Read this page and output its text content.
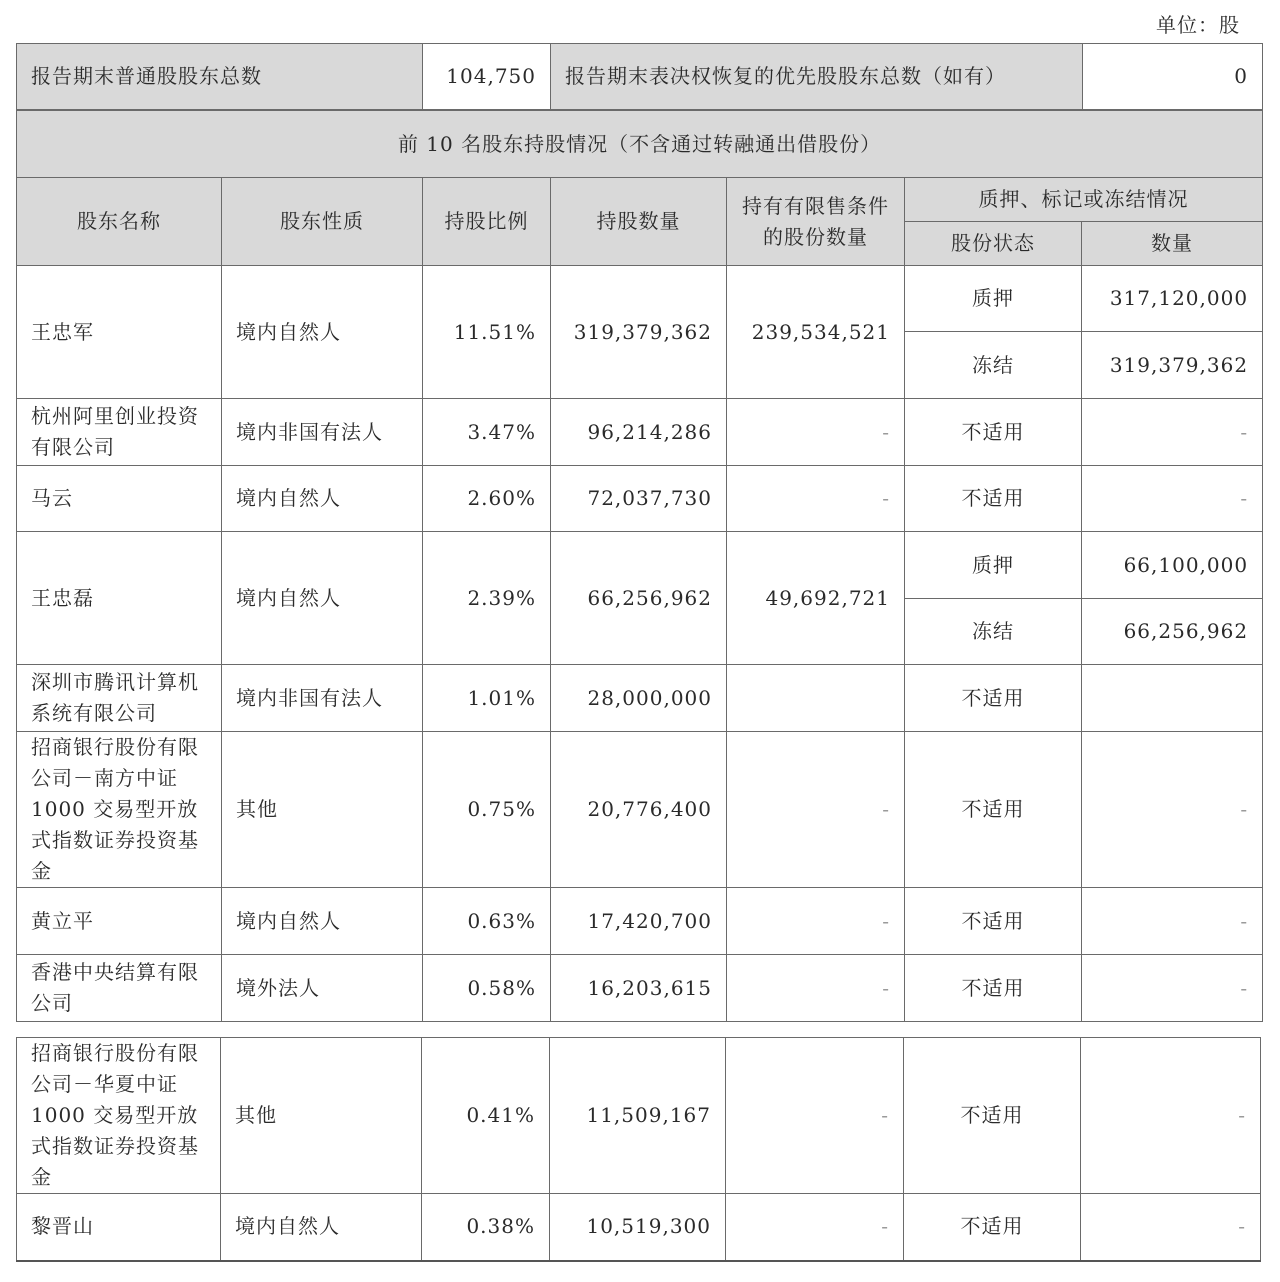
单位：股
报告期末普通股股东总数	104,750	报告期末表决权恢复的优先股股东总数（如有）	0
前 10 名股东持股情况（不含通过转融通出借股份）						
股东名称	股东性质	持股比例	持股数量	持有有限售条件的股份数量	质押、标记或冻结情况	
					股份状态	数量
王忠军	境内自然人	11.51%	319,379,362	239,534,521	质押	317,120,000
					冻结	319,379,362
杭州阿里创业投资有限公司	境内非国有法人	3.47%	96,214,286	-	不适用	-
马云	境内自然人	2.60%	72,037,730	-	不适用	-
王忠磊	境内自然人	2.39%	66,256,962	49,692,721	质押	66,100,000
					冻结	66,256,962
深圳市腾讯计算机系统有限公司	境内非国有法人	1.01%	28,000,000		不适用	
招商银行股份有限公司－南方中证 1000 交易型开放式指数证券投资基金	其他	0.75%	20,776,400	-	不适用	-
黄立平	境内自然人	0.63%	17,420,700	-	不适用	-
香港中央结算有限公司	境外法人	0.58%	16,203,615	-	不适用	-
招商银行股份有限公司－华夏中证 1000 交易型开放式指数证券投资基金	其他	0.41%	11,509,167	-	不适用	-
黎晋山	境内自然人	0.38%	10,519,300	-	不适用	-
